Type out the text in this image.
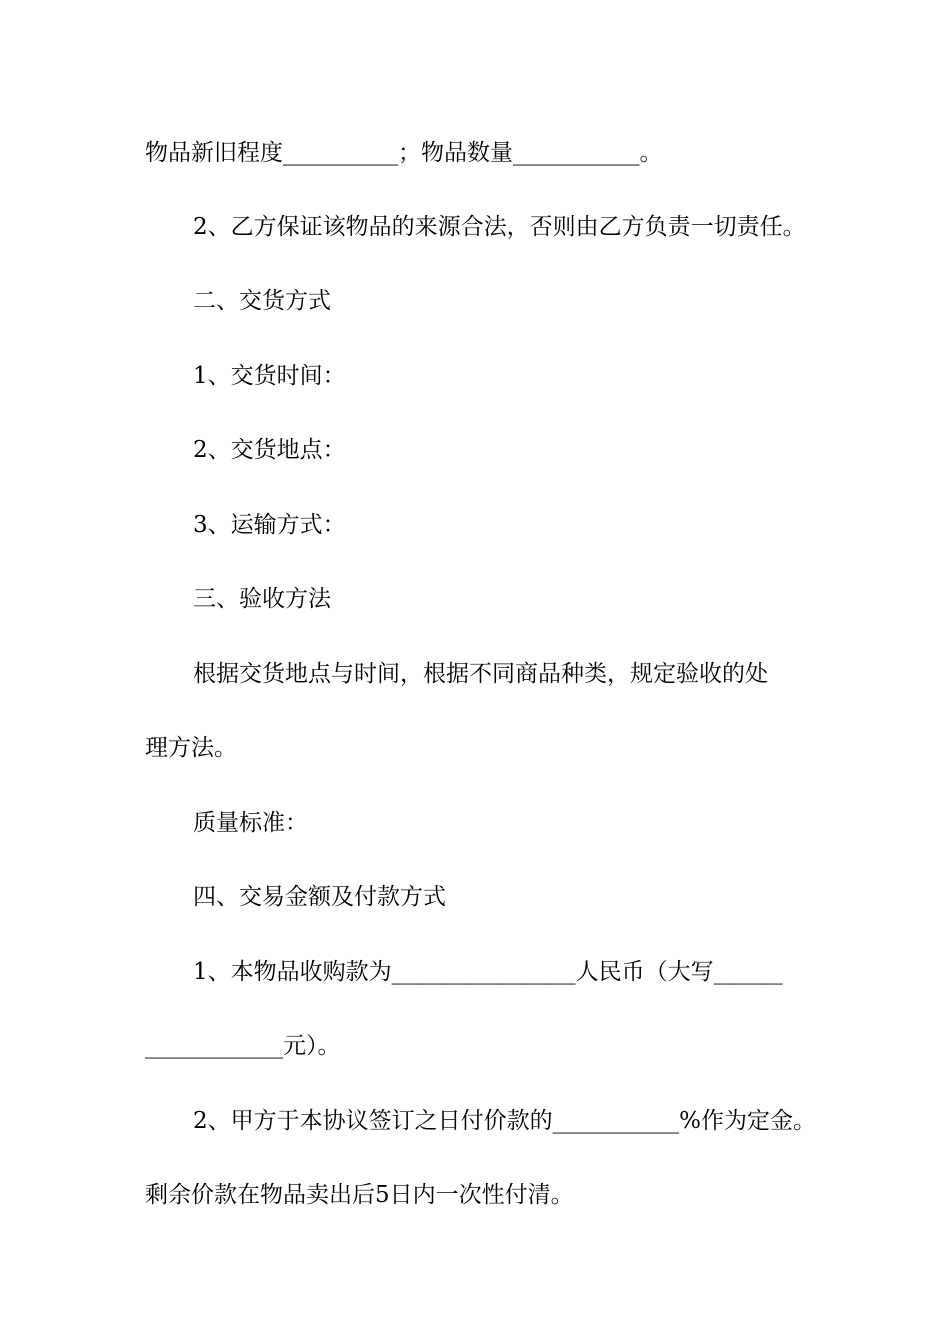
物品新旧程度__________；物品数量___________。
2、乙方保证该物品的来源合法，否则由乙方负责一切责任。
二、交货方式
1、交货时间：
2、交货地点：
3、运输方式：
三、验收方法
根据交货地点与时间，根据不同商品种类，规定验收的处
理方法。
质量标准：
四、交易金额及付款方式
1、本物品收购款为________________人民币（大写______
____________元）。
2、甲方于本协议签订之日付价款的___________%作为定金。
剩余价款在物品卖出后5日内一次性付清。
